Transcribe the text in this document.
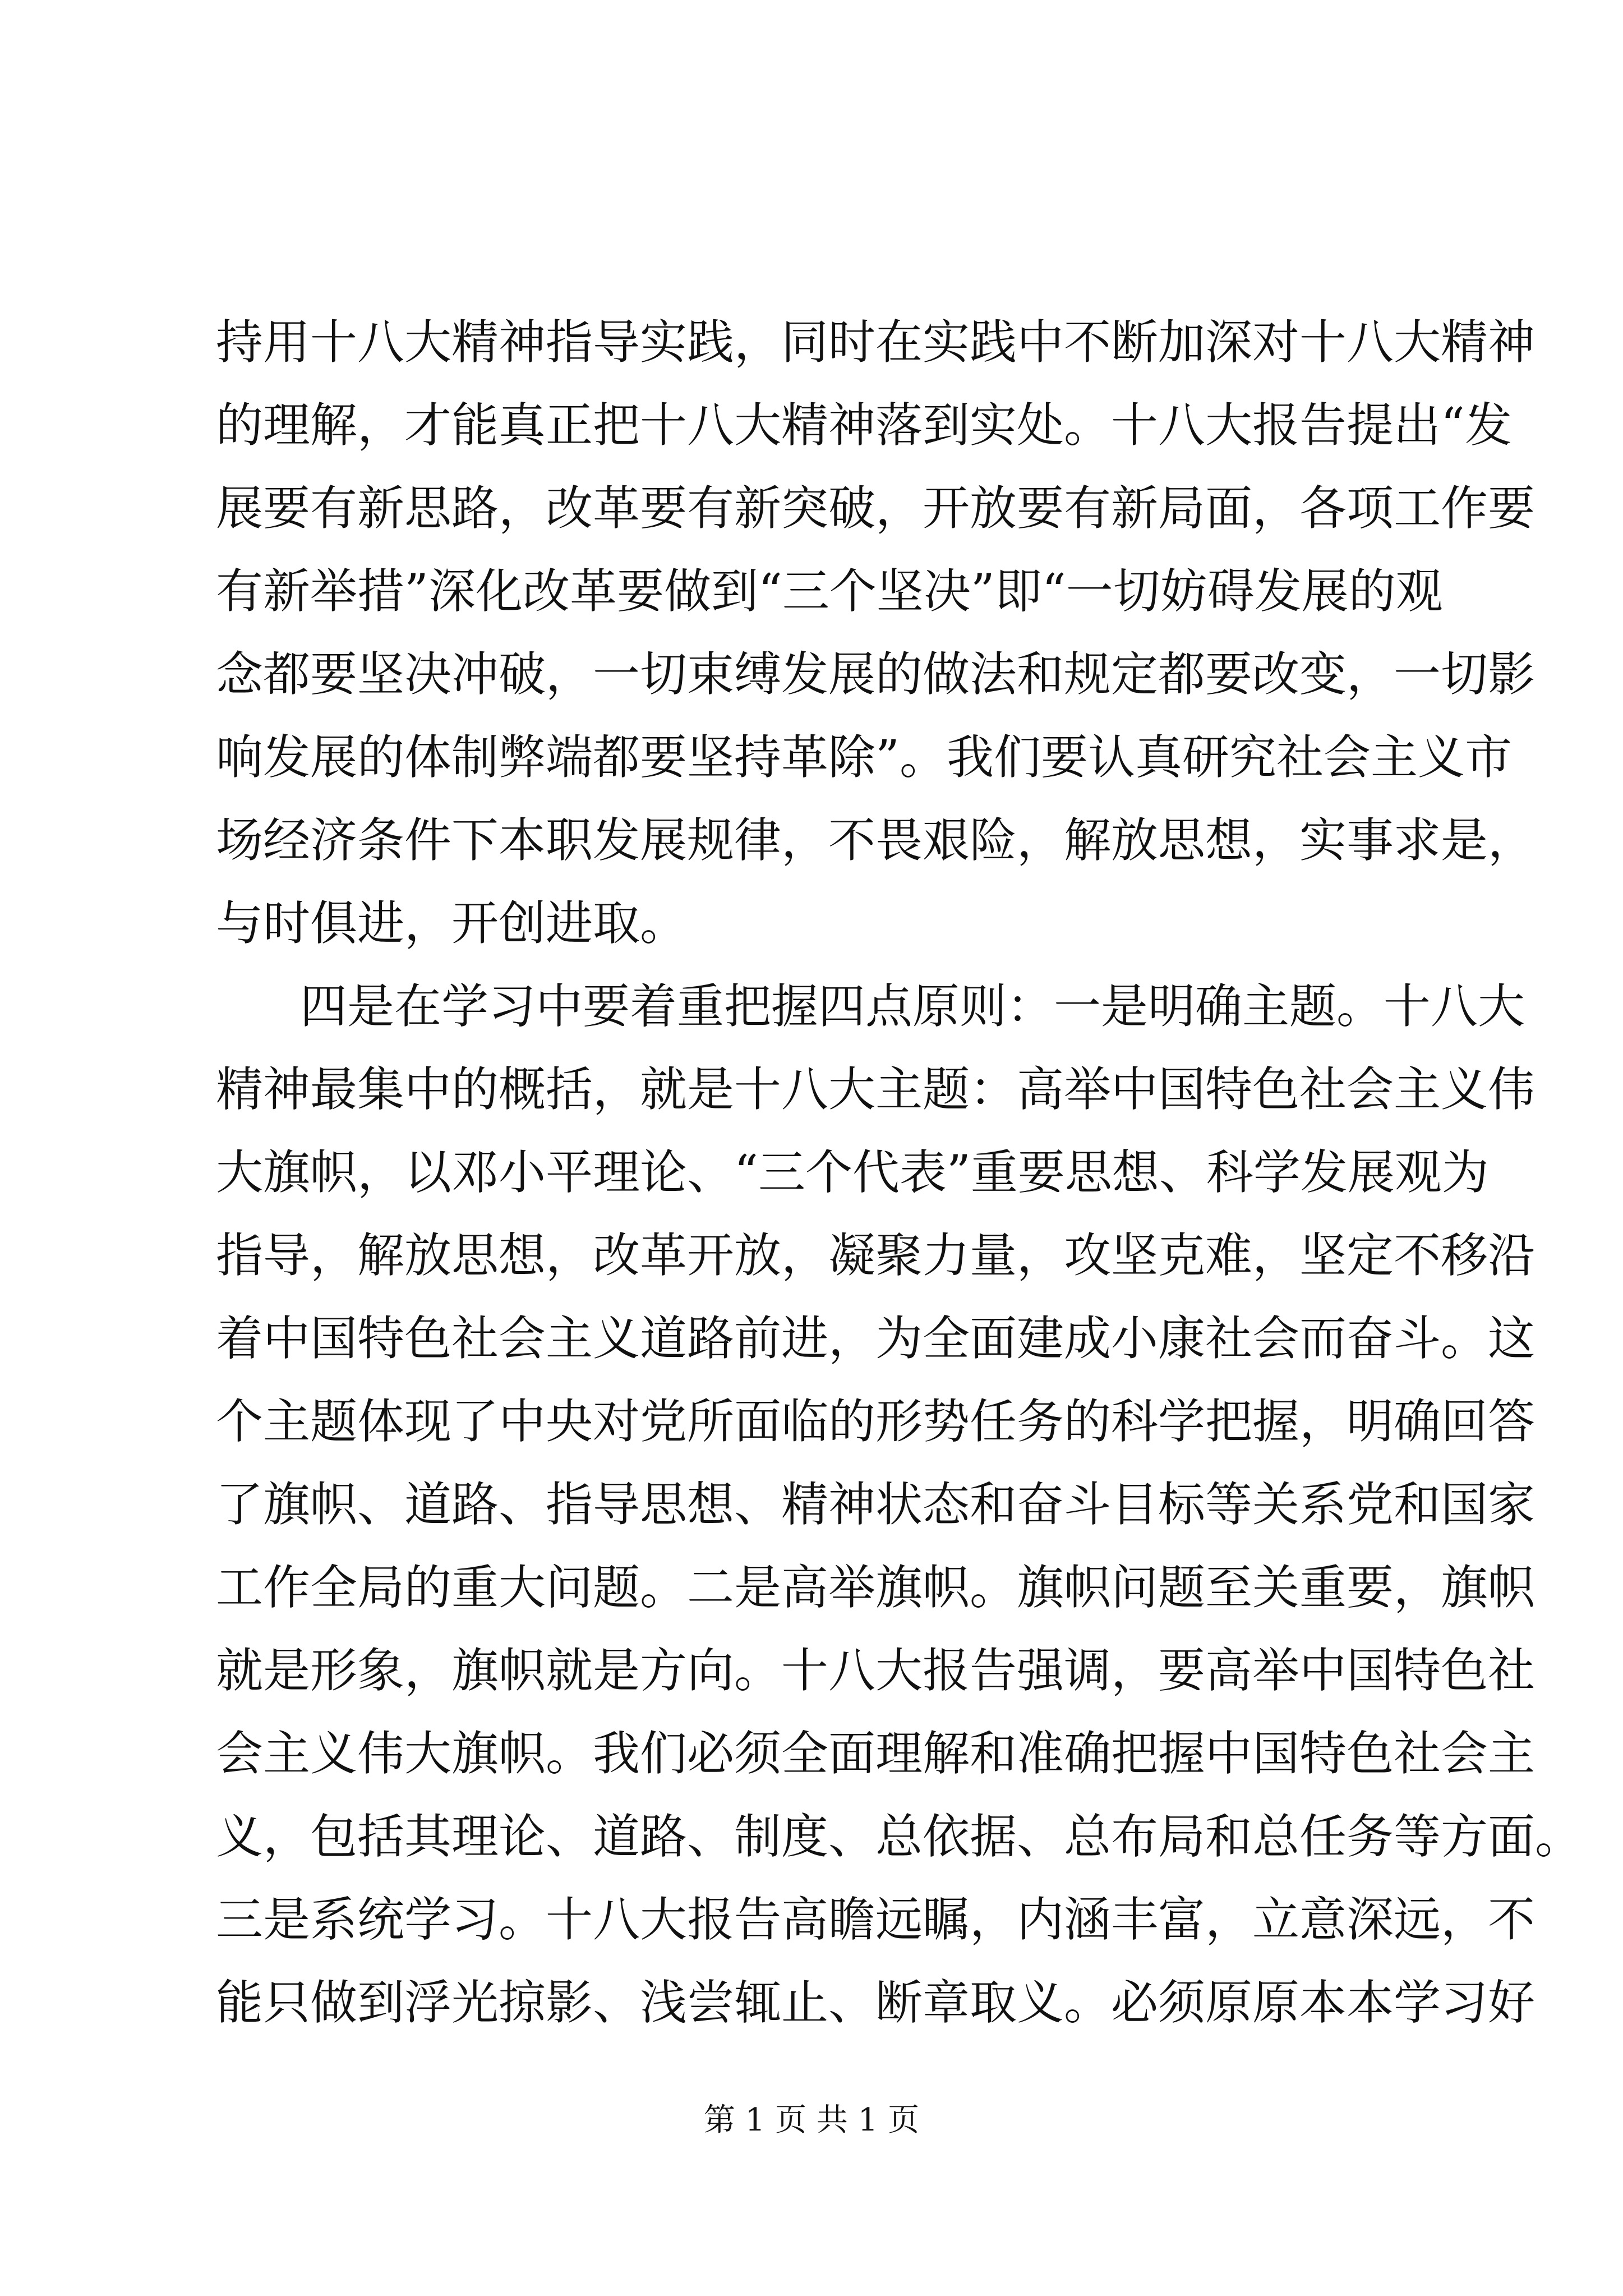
持用十八大精神指导实践，同时在实践中不断加深对十八大精神
的理解，才能真正把十八大精神落到实处。十八大报告提出“发
展要有新思路，改革要有新突破，开放要有新局面，各项工作要
有新举措”深化改革要做到“三个坚决”即“一切妨碍发展的观
念都要坚决冲破，一切束缚发展的做法和规定都要改变，一切影
响发展的体制弊端都要坚持革除”。我们要认真研究社会主义市
场经济条件下本职发展规律，不畏艰险，解放思想，实事求是，
与时俱进，开创进取。
四是在学习中要着重把握四点原则：一是明确主题。十八大
精神最集中的概括，就是十八大主题：高举中国特色社会主义伟
大旗帜，以邓小平理论、“三个代表”重要思想、科学发展观为
指导，解放思想，改革开放，凝聚力量，攻坚克难，坚定不移沿
着中国特色社会主义道路前进，为全面建成小康社会而奋斗。这
个主题体现了中央对党所面临的形势任务的科学把握，明确回答
了旗帜、道路、指导思想、精神状态和奋斗目标等关系党和国家
工作全局的重大问题。二是高举旗帜。旗帜问题至关重要，旗帜
就是形象，旗帜就是方向。十八大报告强调，要高举中国特色社
会主义伟大旗帜。我们必须全面理解和准确把握中国特色社会主
义，包括其理论、道路、制度、总依据、总布局和总任务等方面。
三是系统学习。十八大报告高瞻远瞩，内涵丰富，立意深远，不
能只做到浮光掠影、浅尝辄止、断章取义。必须原原本本学习好
第 1 页 共 1 页
